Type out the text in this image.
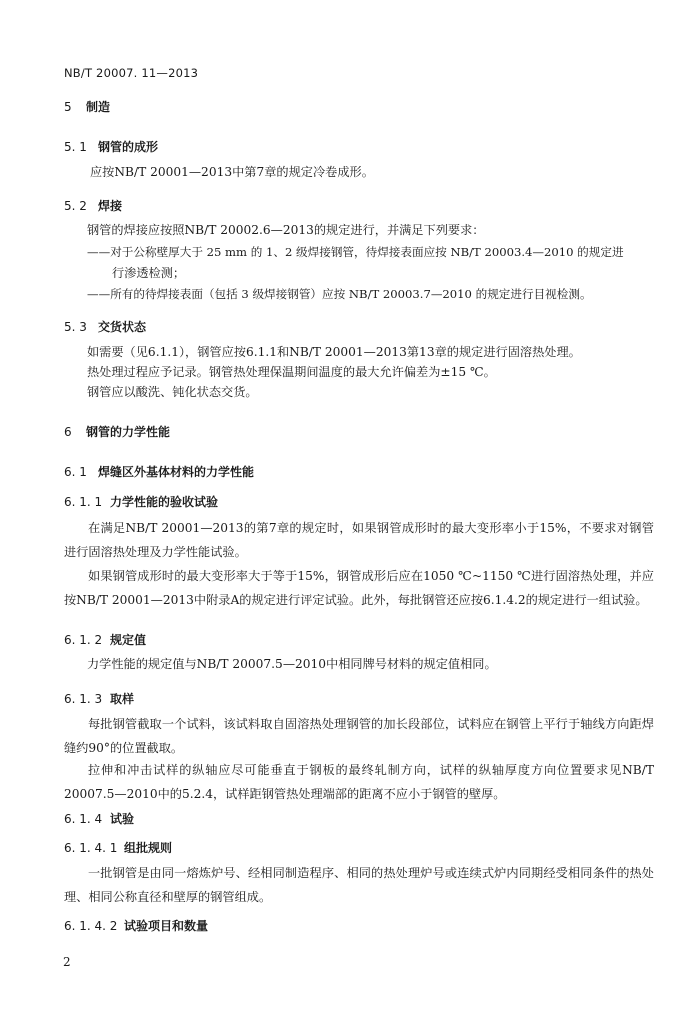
NB/T 20007. 11—2013
5 制造
5. 1 钢管的成形
应按NB/T 20001—2013中第7章的规定冷卷成形。
5. 2 焊接
钢管的焊接应按照NB/T 20002.6—2013的规定进行，并满足下列要求：
——对于公称壁厚大于 25 mm 的 1、2 级焊接钢管，待焊接表面应按 NB/T 20003.4—2010 的规定进
行渗透检测；
——所有的待焊接表面（包括 3 级焊接钢管）应按 NB/T 20003.7—2010 的规定进行目视检测。
5. 3 交货状态
如需要（见6.1.1），钢管应按6.1.1和NB/T 20001—2013第13章的规定进行固溶热处理。
热处理过程应予记录。钢管热处理保温期间温度的最大允许偏差为±15 ℃。
钢管应以酸洗、钝化状态交货。
6 钢管的力学性能
6. 1 焊缝区外基体材料的力学性能
6. 1. 1 力学性能的验收试验
在满足NB/T 20001—2013的第7章的规定时，如果钢管成形时的最大变形率小于15%，不要求对钢管进行固溶热处理及力学性能试验。
如果钢管成形时的最大变形率大于等于15%，钢管成形后应在1050 ℃~1150 ℃进行固溶热处理，并应按NB/T 20001—2013中附录A的规定进行评定试验。此外，每批钢管还应按6.1.4.2的规定进行一组试验。
6. 1. 2 规定值
力学性能的规定值与NB/T 20007.5—2010中相同牌号材料的规定值相同。
6. 1. 3 取样
每批钢管截取一个试料，该试料取自固溶热处理钢管的加长段部位，试料应在钢管上平行于轴线方向距焊缝约90°的位置截取。
拉伸和冲击试样的纵轴应尽可能垂直于钢板的最终轧制方向，试样的纵轴厚度方向位置要求见NB/T 20007.5—2010中的5.2.4，试样距钢管热处理端部的距离不应小于钢管的壁厚。
6. 1. 4 试验
6. 1. 4. 1 组批规则
一批钢管是由同一熔炼炉号、经相同制造程序、相同的热处理炉号或连续式炉内同期经受相同条件的热处理、相同公称直径和壁厚的钢管组成。
6. 1. 4. 2 试验项目和数量
2
